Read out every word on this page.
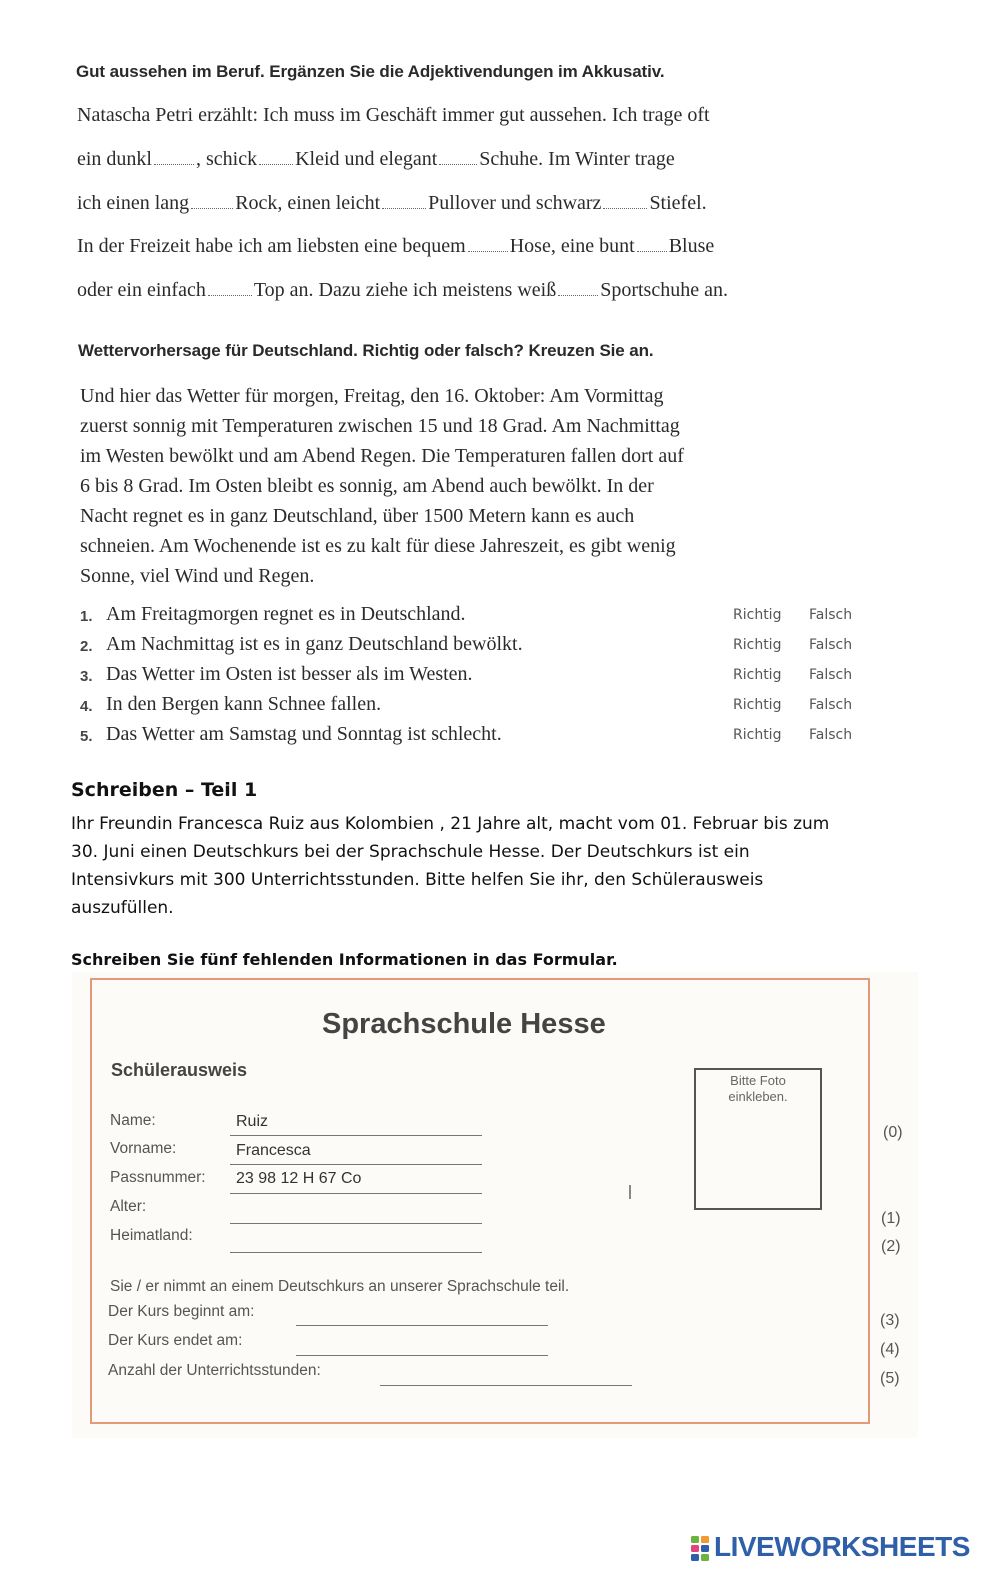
Gut aussehen im Beruf. Ergänzen Sie die Adjektivendungen im Akkusativ.
Natascha Petri erzählt: Ich muss im Geschäft immer gut aussehen. Ich trage oft
ein dunkl , schick Kleid und elegant Schuhe. Im Winter trage
ich einen lang Rock, einen leicht Pullover und schwarz Stiefel.
In der Freizeit habe ich am liebsten eine bequem Hose, eine bunt Bluse
oder ein einfach Top an. Dazu ziehe ich meistens weiß Sportschuhe an.
Wettervorhersage für Deutschland. Richtig oder falsch? Kreuzen Sie an.
Und hier das Wetter für morgen, Freitag, den 16. Oktober: Am Vormittag
zuerst sonnig mit Temperaturen zwischen 15 und 18 Grad. Am Nachmittag
im Westen bewölkt und am Abend Regen. Die Temperaturen fallen dort auf
6 bis 8 Grad. Im Osten bleibt es sonnig, am Abend auch bewölkt. In der
Nacht regnet es in ganz Deutschland, über 1500 Metern kann es auch
schneien. Am Wochenende ist es zu kalt für diese Jahreszeit, es gibt wenig
Sonne, viel Wind und Regen.
1. Am Freitagmorgen regnet es in Deutschland.	Richtig Falsch
2. Am Nachmittag ist es in ganz Deutschland bewölkt.	Richtig Falsch
3. Das Wetter im Osten ist besser als im Westen.	Richtig Falsch
4. In den Bergen kann Schnee fallen.	Richtig Falsch
5. Das Wetter am Samstag und Sonntag ist schlecht.	Richtig Falsch
Schreiben – Teil 1
Ihr Freundin Francesca Ruiz aus Kolombien , 21 Jahre alt, macht vom 01. Februar bis zum
30. Juni einen Deutschkurs bei der Sprachschule Hesse. Der Deutschkurs ist ein
Intensivkurs mit 300 Unterrichtsstunden. Bitte helfen Sie ihr, den Schülerausweis
auszufüllen.
Schreiben Sie fünf fehlenden Informationen in das Formular.
Sprachschule Hesse
Schülerausweis
Bitte Foto
einkleben.
Name:	Ruiz
Vorname:	Francesca
Passnummer: 23 98 12 H 67 Co
Alter:
Heimatland:
Sie / er nimmt an einem Deutschkurs an unserer Sprachschule teil.
Der Kurs beginnt am:
Der Kurs endet am:
Anzahl der Unterrichtsstunden:
(0)
(1)
(2)
(3)
(4)
(5)
LIVEWORKSHEETS
